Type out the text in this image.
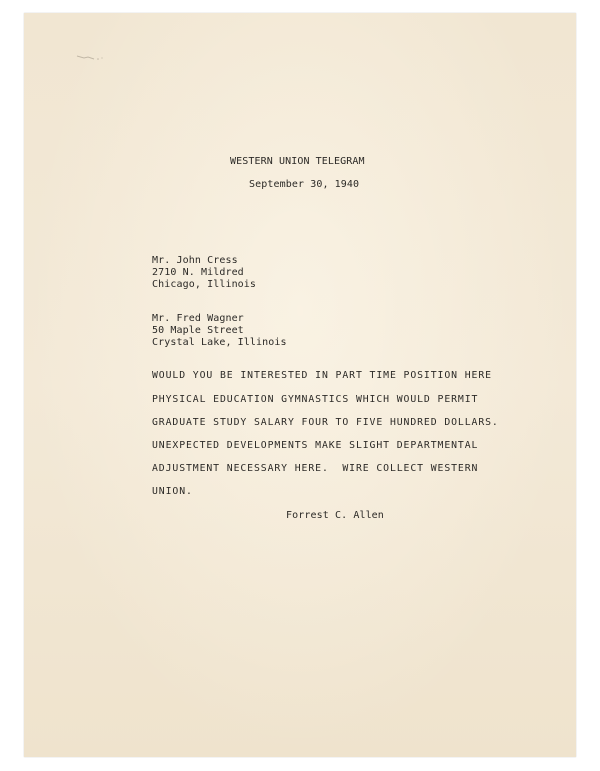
WESTERN UNION TELEGRAM
September 30, 1940
Mr. John Cress
2710 N. Mildred
Chicago, Illinois
Mr. Fred Wagner
50 Maple Street
Crystal Lake, Illinois
WOULD YOU BE INTERESTED IN PART TIME POSITION HERE
PHYSICAL EDUCATION GYMNASTICS WHICH WOULD PERMIT
GRADUATE STUDY SALARY FOUR TO FIVE HUNDRED DOLLARS.
UNEXPECTED DEVELOPMENTS MAKE SLIGHT DEPARTMENTAL
ADJUSTMENT NECESSARY HERE.  WIRE COLLECT WESTERN
UNION.
Forrest C. Allen
